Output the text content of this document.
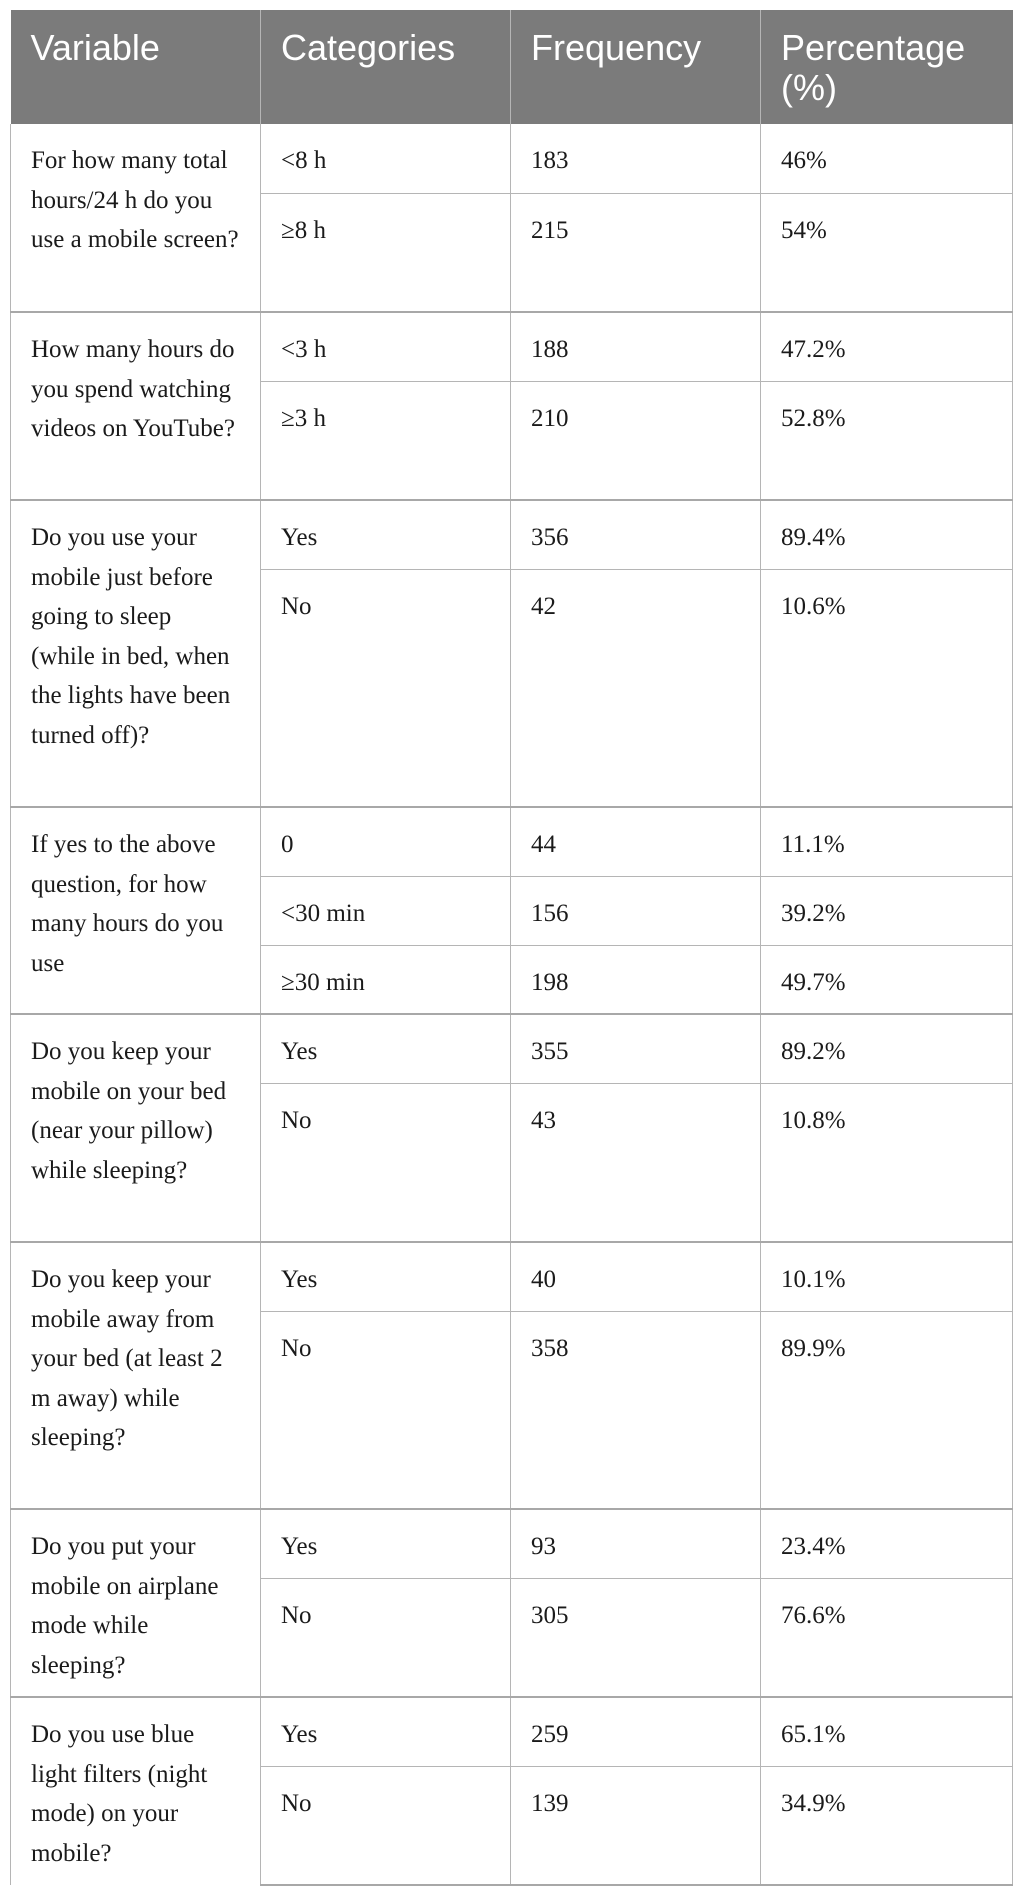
Variable	Categories	Frequency	Percentage (%)
For how many total hours/24 h do you use a mobile screen?	<8 h	183	46%
	≥8 h	215	54%
How many hours do you spend watching videos on YouTube?	<3 h	188	47.2%
	≥3 h	210	52.8%
Do you use your mobile just before going to sleep (while in bed, when the lights have been turned off)?	Yes	356	89.4%
	No	42	10.6%
If yes to the above question, for how many hours do you use	0	44	11.1%
	<30 min	156	39.2%
	≥30 min	198	49.7%
Do you keep your mobile on your bed (near your pillow) while sleeping?	Yes	355	89.2%
	No	43	10.8%
Do you keep your mobile away from your bed (at least 2 m away) while sleeping?	Yes	40	10.1%
	No	358	89.9%
Do you put your mobile on airplane mode while sleeping?	Yes	93	23.4%
	No	305	76.6%
Do you use blue light filters (night mode) on your mobile?	Yes	259	65.1%
	No	139	34.9%
